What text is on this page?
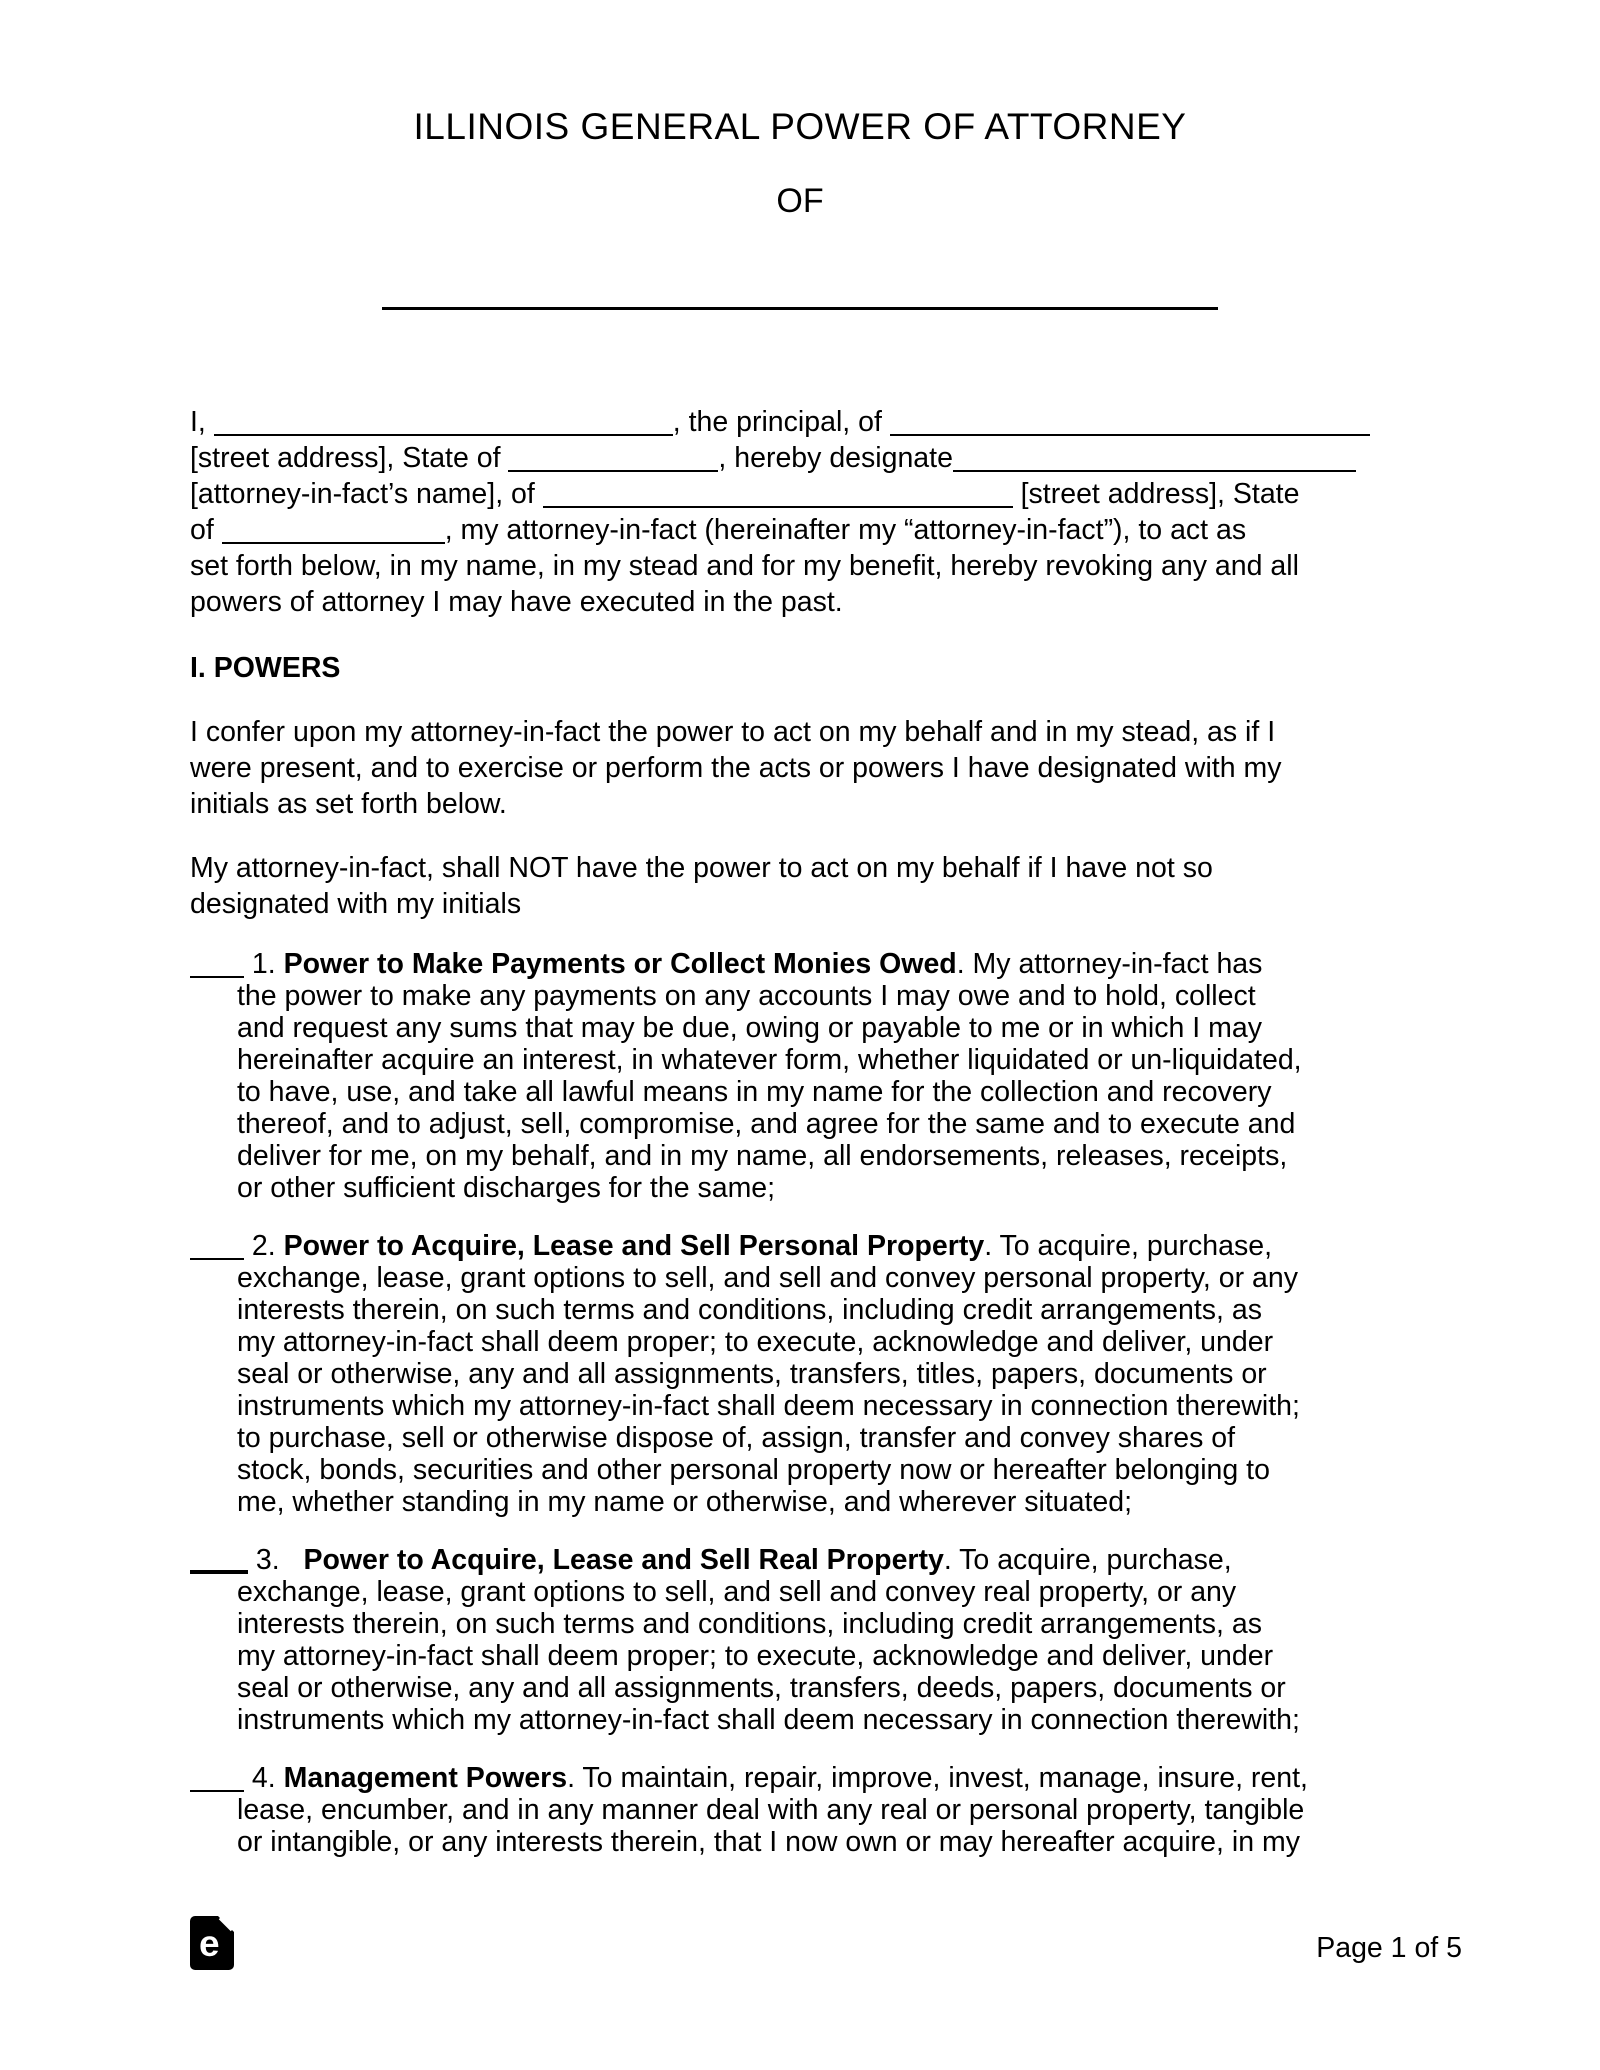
ILLINOIS GENERAL POWER OF ATTORNEY
OF
I,	, the principal, of
[street address], State of	, hereby designate
[attorney-in-fact’s name], of	[street address], State
of	, my attorney-in-fact (hereinafter my “attorney-in-fact”), to act as
set forth below, in my name, in my stead and for my benefit, hereby revoking any and all
powers of attorney I may have executed in the past.
I. POWERS
I confer upon my attorney-in-fact the power to act on my behalf and in my stead, as if I
were present, and to exercise or perform the acts or powers I have designated with my
initials as set forth below.
My attorney-in-fact, shall NOT have the power to act on my behalf if I have not so
designated with my initials
1. Power to Make Payments or Collect Monies Owed. My attorney-in-fact has
the power to make any payments on any accounts I may owe and to hold, collect
and request any sums that may be due, owing or payable to me or in which I may
hereinafter acquire an interest, in whatever form, whether liquidated or un-liquidated,
to have, use, and take all lawful means in my name for the collection and recovery
thereof, and to adjust, sell, compromise, and agree for the same and to execute and
deliver for me, on my behalf, and in my name, all endorsements, releases, receipts,
or other sufficient discharges for the same;
2. Power to Acquire, Lease and Sell Personal Property. To acquire, purchase,
exchange, lease, grant options to sell, and sell and convey personal property, or any
interests therein, on such terms and conditions, including credit arrangements, as
my attorney-in-fact shall deem proper; to execute, acknowledge and deliver, under
seal or otherwise, any and all assignments, transfers, titles, papers, documents or
instruments which my attorney-in-fact shall deem necessary in connection therewith;
to purchase, sell or otherwise dispose of, assign, transfer and convey shares of
stock, bonds, securities and other personal property now or hereafter belonging to
me, whether standing in my name or otherwise, and wherever situated;
3.   Power to Acquire, Lease and Sell Real Property. To acquire, purchase,
exchange, lease, grant options to sell, and sell and convey real property, or any
interests therein, on such terms and conditions, including credit arrangements, as
my attorney-in-fact shall deem proper; to execute, acknowledge and deliver, under
seal or otherwise, any and all assignments, transfers, deeds, papers, documents or
instruments which my attorney-in-fact shall deem necessary in connection therewith;
4. Management Powers. To maintain, repair, improve, invest, manage, insure, rent,
lease, encumber, and in any manner deal with any real or personal property, tangible
or intangible, or any interests therein, that I now own or may hereafter acquire, in my
e	Page 1 of 5
